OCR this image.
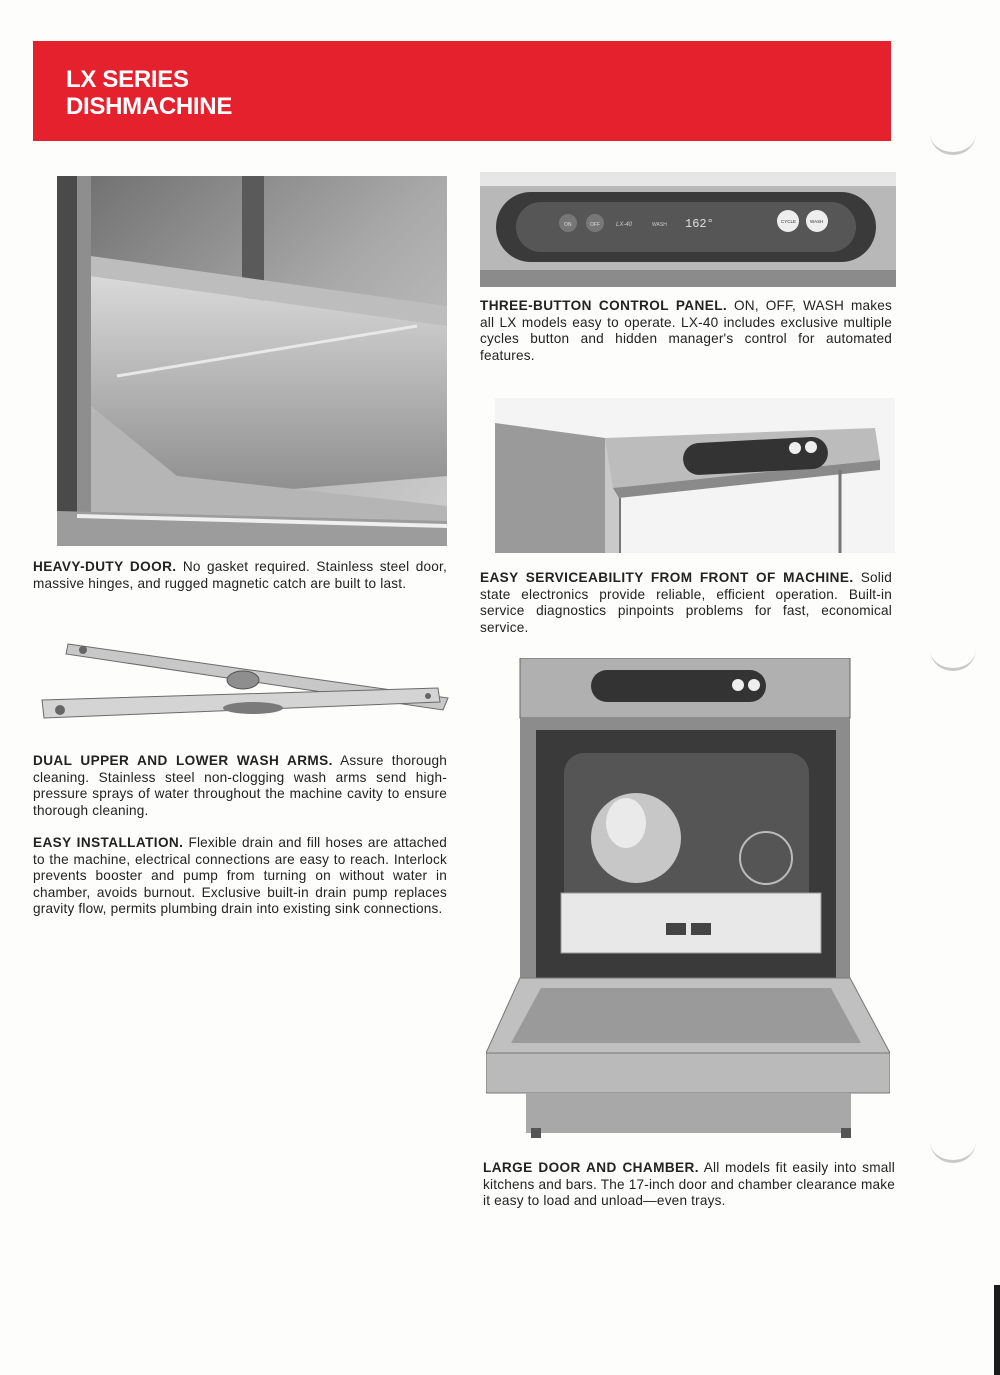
LX SERIES
DISHMACHINE
HEAVY-DUTY DOOR. No gasket required. Stainless steel door, massive hinges, and rugged magnetic catch are built to last.
DUAL UPPER AND LOWER WASH ARMS. Assure thorough cleaning. Stainless steel non-clogging wash arms send high-pressure sprays of water throughout the machine cavity to ensure thorough cleaning.
EASY INSTALLATION. Flexible drain and fill hoses are attached to the machine, electrical connections are easy to reach. Interlock prevents booster and pump from turning on without water in chamber, avoids burnout. Exclusive built-in drain pump replaces gravity flow, permits plumbing drain into existing sink connections.
ON	OFF	LX-40	WASH 162°	CYCLE	WASH
THREE-BUTTON CONTROL PANEL. ON, OFF, WASH makes all LX models easy to operate. LX-40 includes exclusive multiple cycles button and hidden manager's control for automated features.
EASY SERVICEABILITY FROM FRONT OF MACHINE. Solid state electronics provide reliable, efficient operation. Built-in service diagnostics pinpoints problems for fast, economical service.
LARGE DOOR AND CHAMBER. All models fit easily into small kitchens and bars. The 17-inch door and chamber clearance make it easy to load and unload—even trays.
